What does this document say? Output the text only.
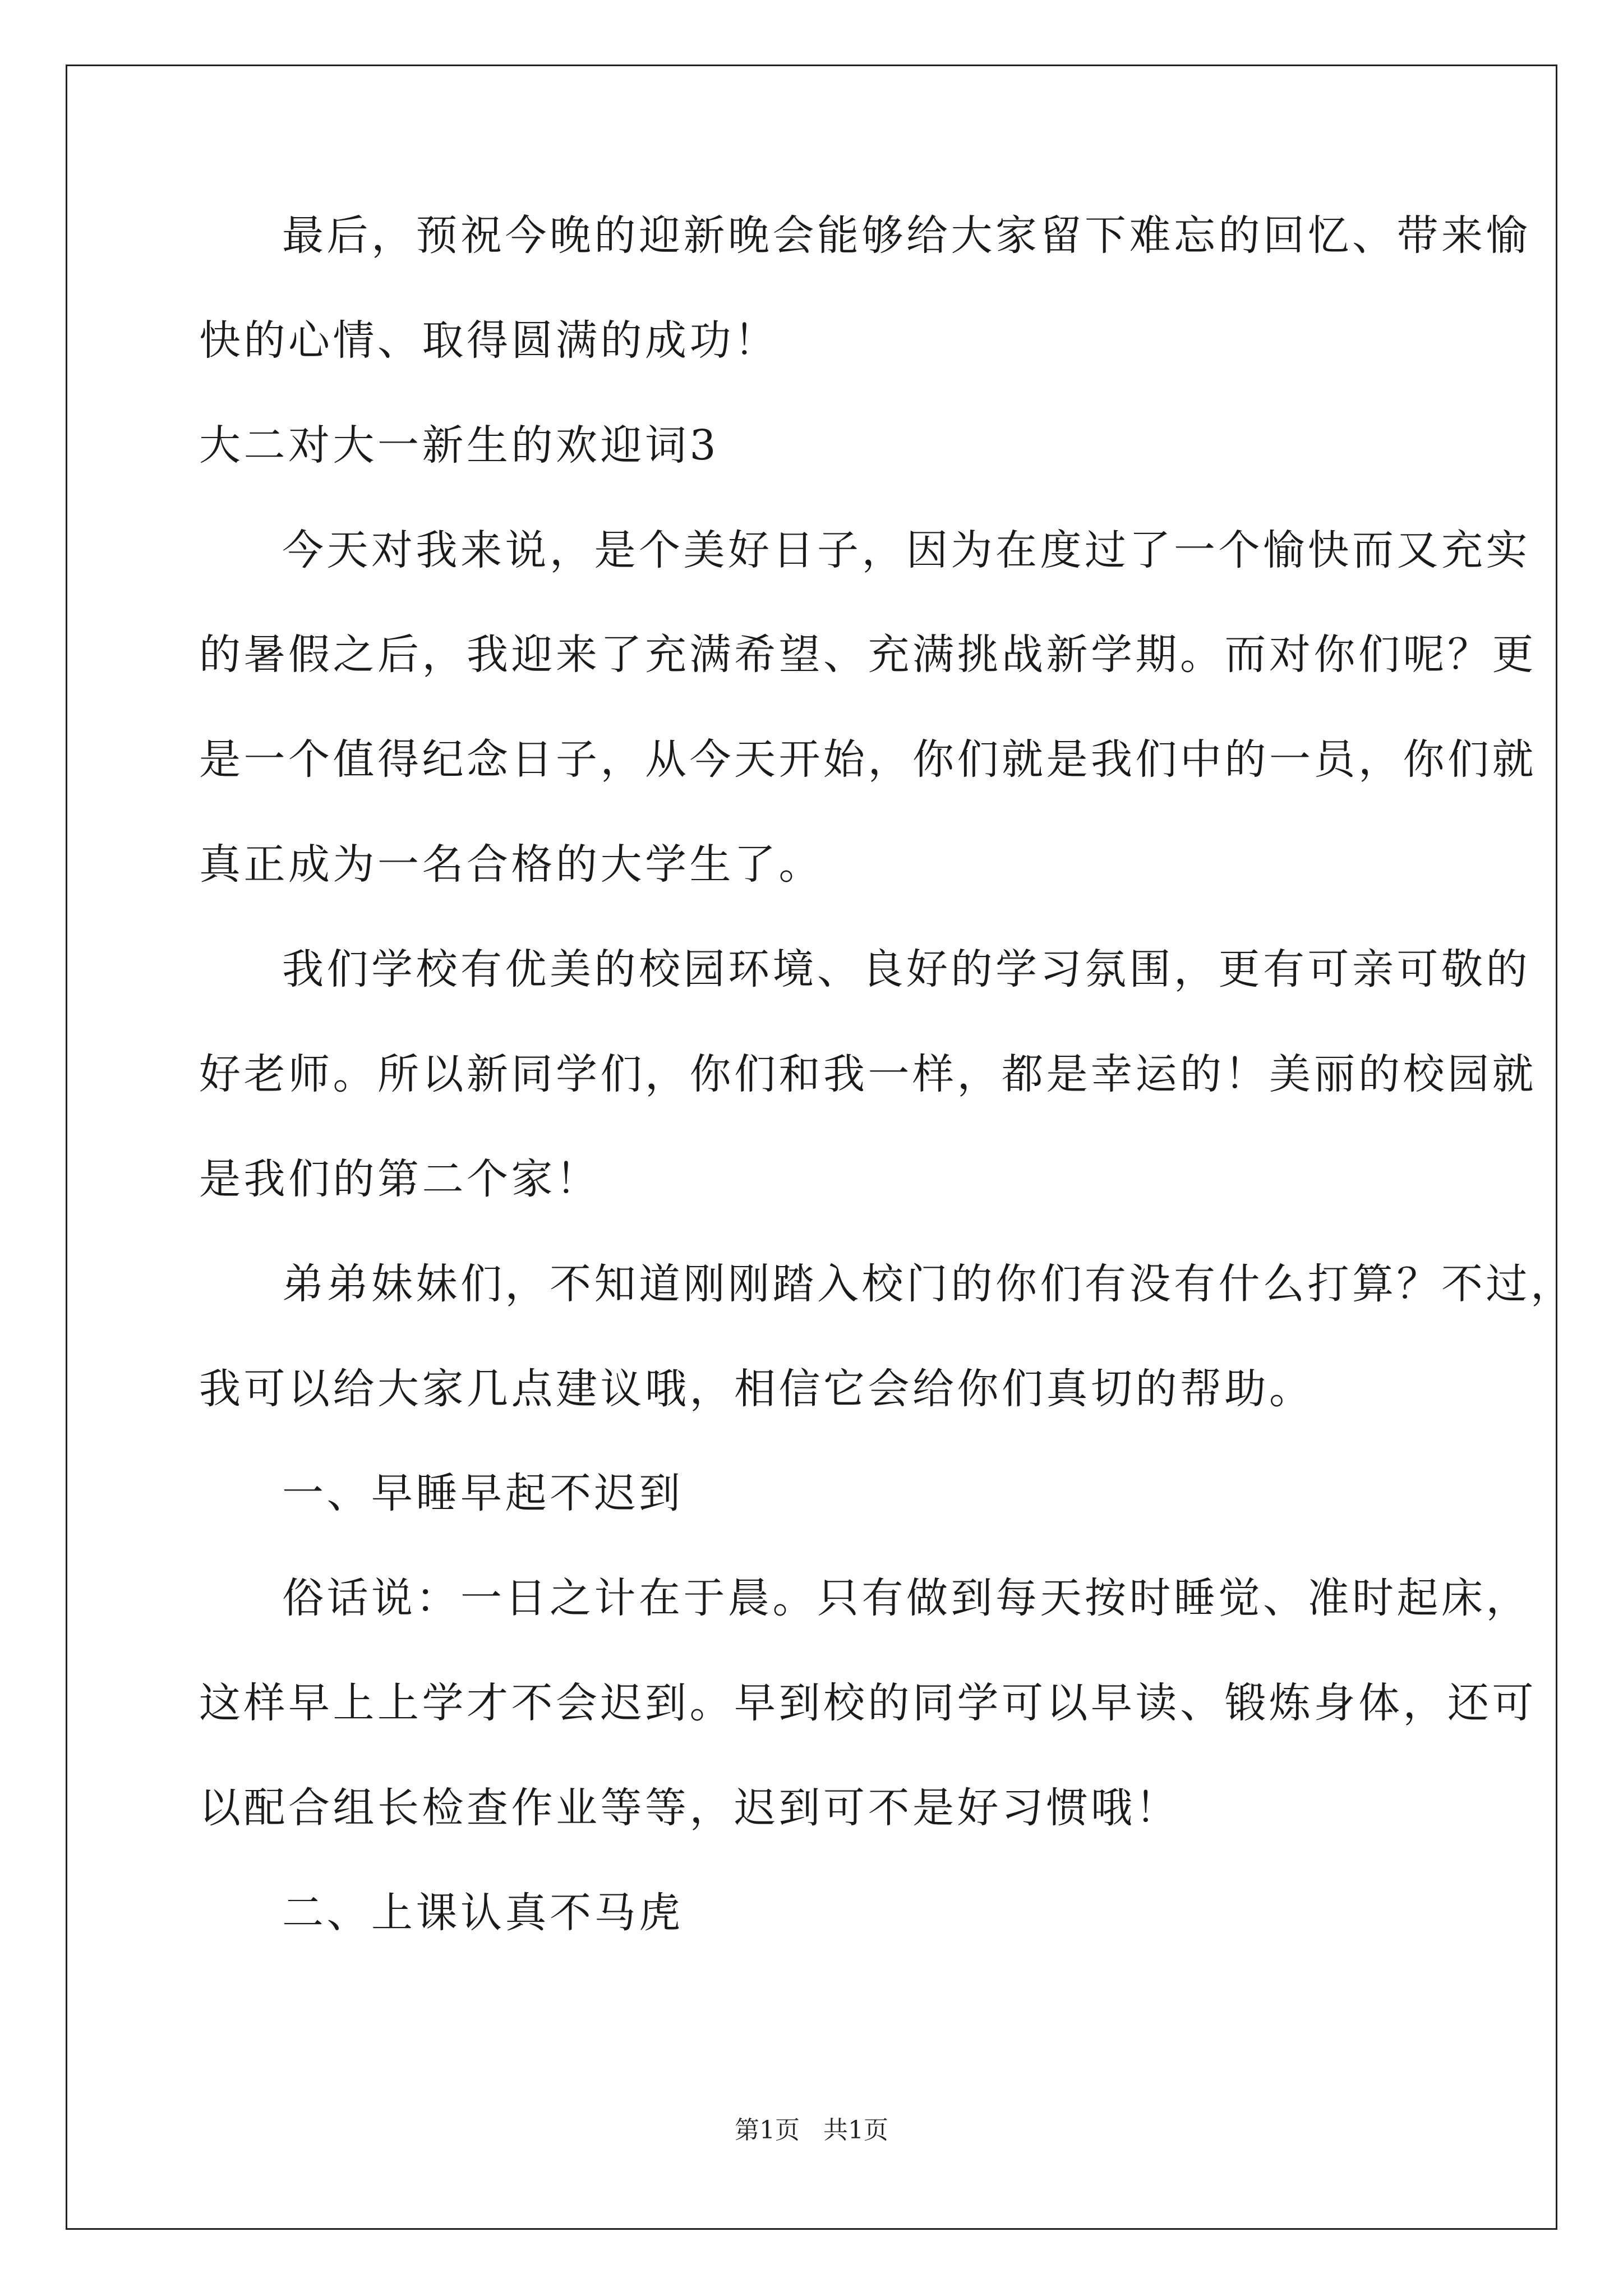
最后，预祝今晚的迎新晚会能够给大家留下难忘的回忆、带来愉
快的心情、取得圆满的成功！
大二对大一新生的欢迎词3
今天对我来说，是个美好日子，因为在度过了一个愉快而又充实
的暑假之后，我迎来了充满希望、充满挑战新学期。而对你们呢？更
是一个值得纪念日子，从今天开始，你们就是我们中的一员，你们就
真正成为一名合格的大学生了。
我们学校有优美的校园环境、良好的学习氛围，更有可亲可敬的
好老师。所以新同学们，你们和我一样，都是幸运的！美丽的校园就
是我们的第二个家！
弟弟妹妹们，不知道刚刚踏入校门的你们有没有什么打算？不过，
我可以给大家几点建议哦，相信它会给你们真切的帮助。
一、早睡早起不迟到
俗话说：一日之计在于晨。只有做到每天按时睡觉、准时起床，
这样早上上学才不会迟到。早到校的同学可以早读、锻炼身体，还可
以配合组长检查作业等等，迟到可不是好习惯哦！
二、上课认真不马虎
第1页   共1页
